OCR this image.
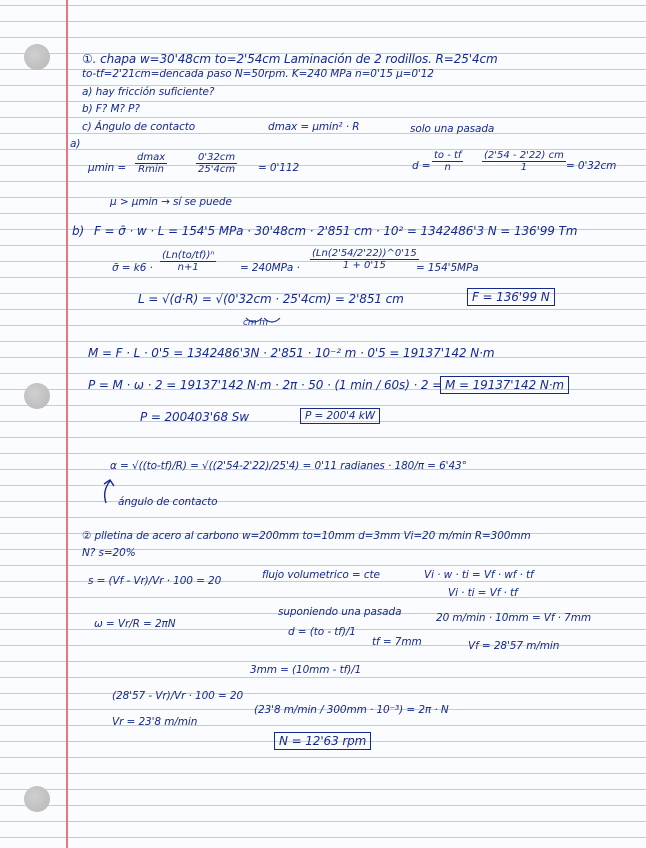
①. chapa w=30'48cm to=2'54cm Laminación de 2 rodillos. R=25'4cm
to-tf=2'21cm=dencada paso N=50rpm. K=240 MPa n=0'15 μ=0'12
a) hay fricción suficiente?
b) F? M? P?
c) Ángulo de contacto	dmax = μmin² · R	solo una pasada
a)
μmin =
dmax
Rmin	$\frac{0'32cm}{25'4cm} = 0'112$	$d = \frac{to - tf}{n} \frac{(2'54 - 2'22) cm}{1} = 0'32cm$
μ > μmin → sí se puede
b) F = σ̄ · w · L = 154'5 MPa · 30'48cm · 2'851 cm · 10² = 1342486'3 N = 136'99 Tm
σ̄ = $k6 \cdot \frac{\text{(Ln(to/tf))ⁿ}}{n+1} = 240MPa \cdot \frac{(Ln(2'54/2'22))\^{}0'15}{1 + 0'15}$
= 154'5MPa
L = √(d·R) = √(0'32cm · 25'4cm) = 2'851 cm	F = 136'99 N
cm m
M = F · L · 0'5 = 1342486'3N · 2'851 · 10⁻² m · 0'5 = 19137'142 N·m
P = M · ω · 2 = 19137'142 N·m · 2π · 50 · (1 min / 60s) · 2 = M = 19137'142 N·m
P = 200403'68 Sw	P = 200'4 kW
α = √((to-tf)/R) = √((2'54-2'22)/25'4) = 0'11 radianes · 180/π = 6'43°
ángulo de contacto
② plletina de acero al carbono w=200mm to=10mm d=3mm Vi=20 m/min R=300mm
N? s=20%
s = (Vf - Vr)/Vr · 100 = 20	flujo volumetrico = cte	Vi · w · ti = Vf · wf · tf
Vi · ti = Vf · tf
ω = Vr/R = 2πN
suponiendo una pasada
d = (to - tf)/1
tf = 7mm
20 m/min · 10mm = Vf · 7mm
Vf = 28'57 m/min
3mm = (10mm - tf)/1
(28'57 - Vr)/Vr · 100 = 20
Vr = 23'8 m/min
(23'8 m/min / 300mm · 10⁻³) = 2π · N
N = 12'63 rpm
